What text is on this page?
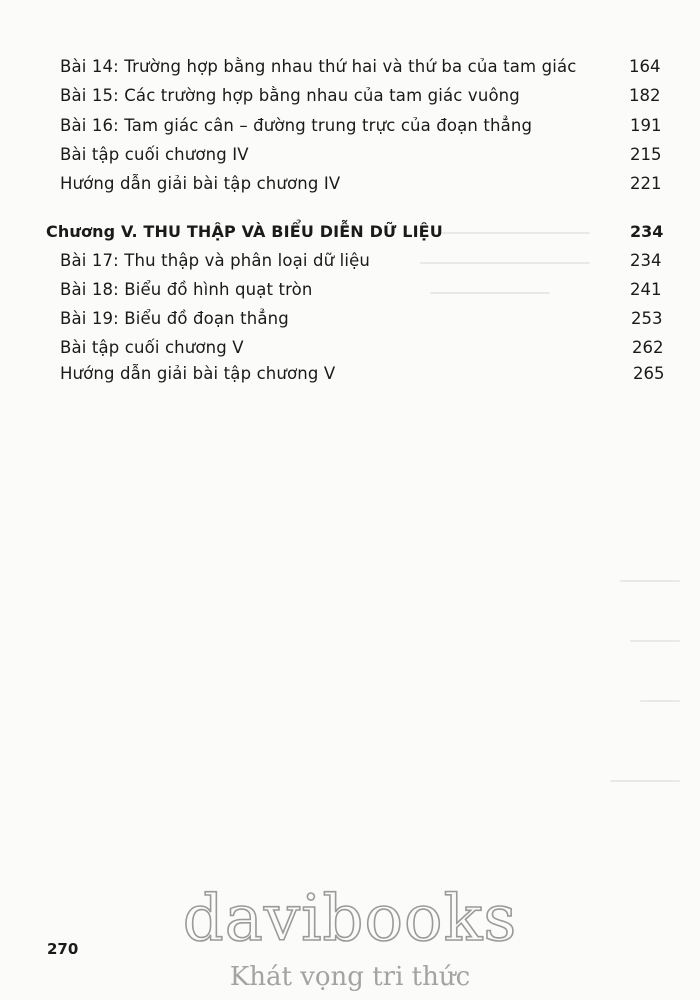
Bài 14: Trường hợp bằng nhau thứ hai và thứ ba của tam giác	164
Bài 15: Các trường hợp bằng nhau của tam giác vuông	182
Bài 16: Tam giác cân – đường trung trực của đoạn thẳng	191
Bài tập cuối chương IV	215
Hướng dẫn giải bài tập chương IV	221
Chương V. THU THẬP VÀ BIỂU DIỄN DỮ LIỆU	234
Bài 17: Thu thập và phân loại dữ liệu	234
Bài 18: Biểu đồ hình quạt tròn	241
Bài 19: Biểu đồ đoạn thẳng	253
Bài tập cuối chương V	262
Hướng dẫn giải bài tập chương V	265
270 davibooks
Khát vọng tri thức
